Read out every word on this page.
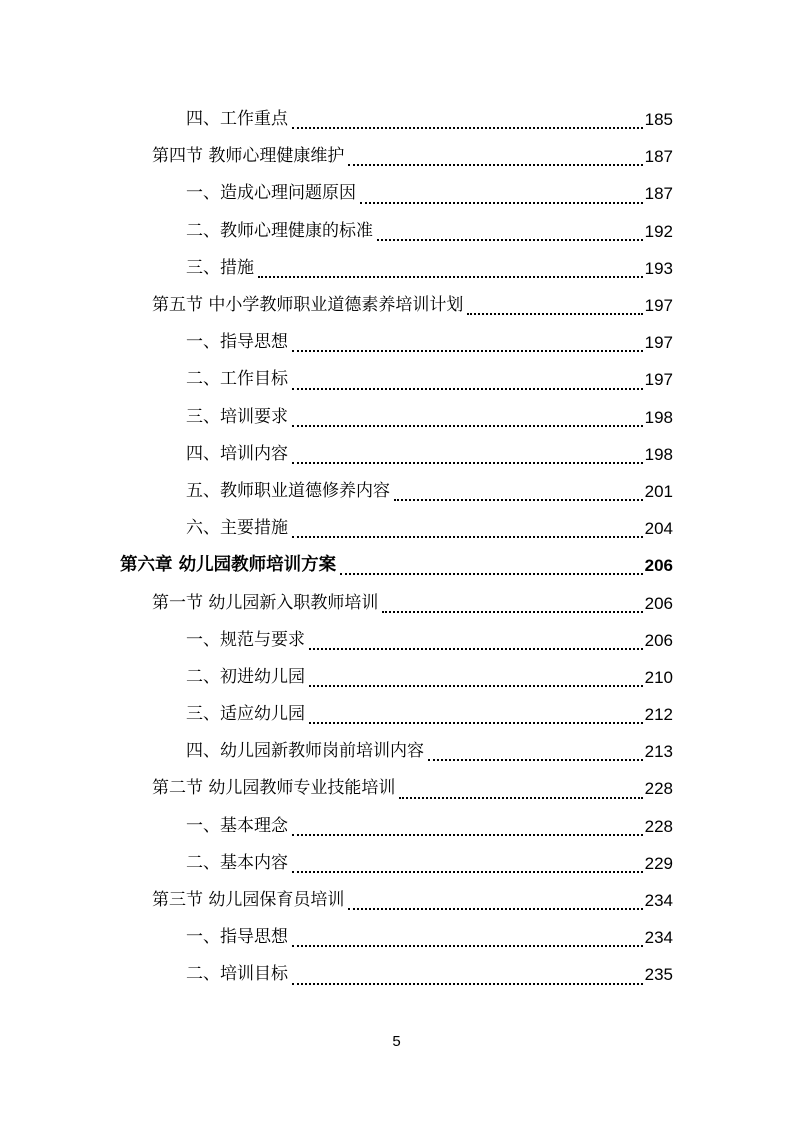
四、工作重点	185
第四节 教师心理健康维护	187
一、造成心理问题原因	187
二、教师心理健康的标准	192
三、措施	193
第五节 中小学教师职业道德素养培训计划	197
一、指导思想	197
二、工作目标	197
三、培训要求	198
四、培训内容	198
五、教师职业道德修养内容	201
六、主要措施	204
第六章 幼儿园教师培训方案	206
第一节 幼儿园新入职教师培训	206
一、规范与要求	206
二、初进幼儿园	210
三、适应幼儿园	212
四、幼儿园新教师岗前培训内容	213
第二节 幼儿园教师专业技能培训	228
一、基本理念	228
二、基本内容	229
第三节 幼儿园保育员培训	234
一、指导思想	234
二、培训目标	235
5
